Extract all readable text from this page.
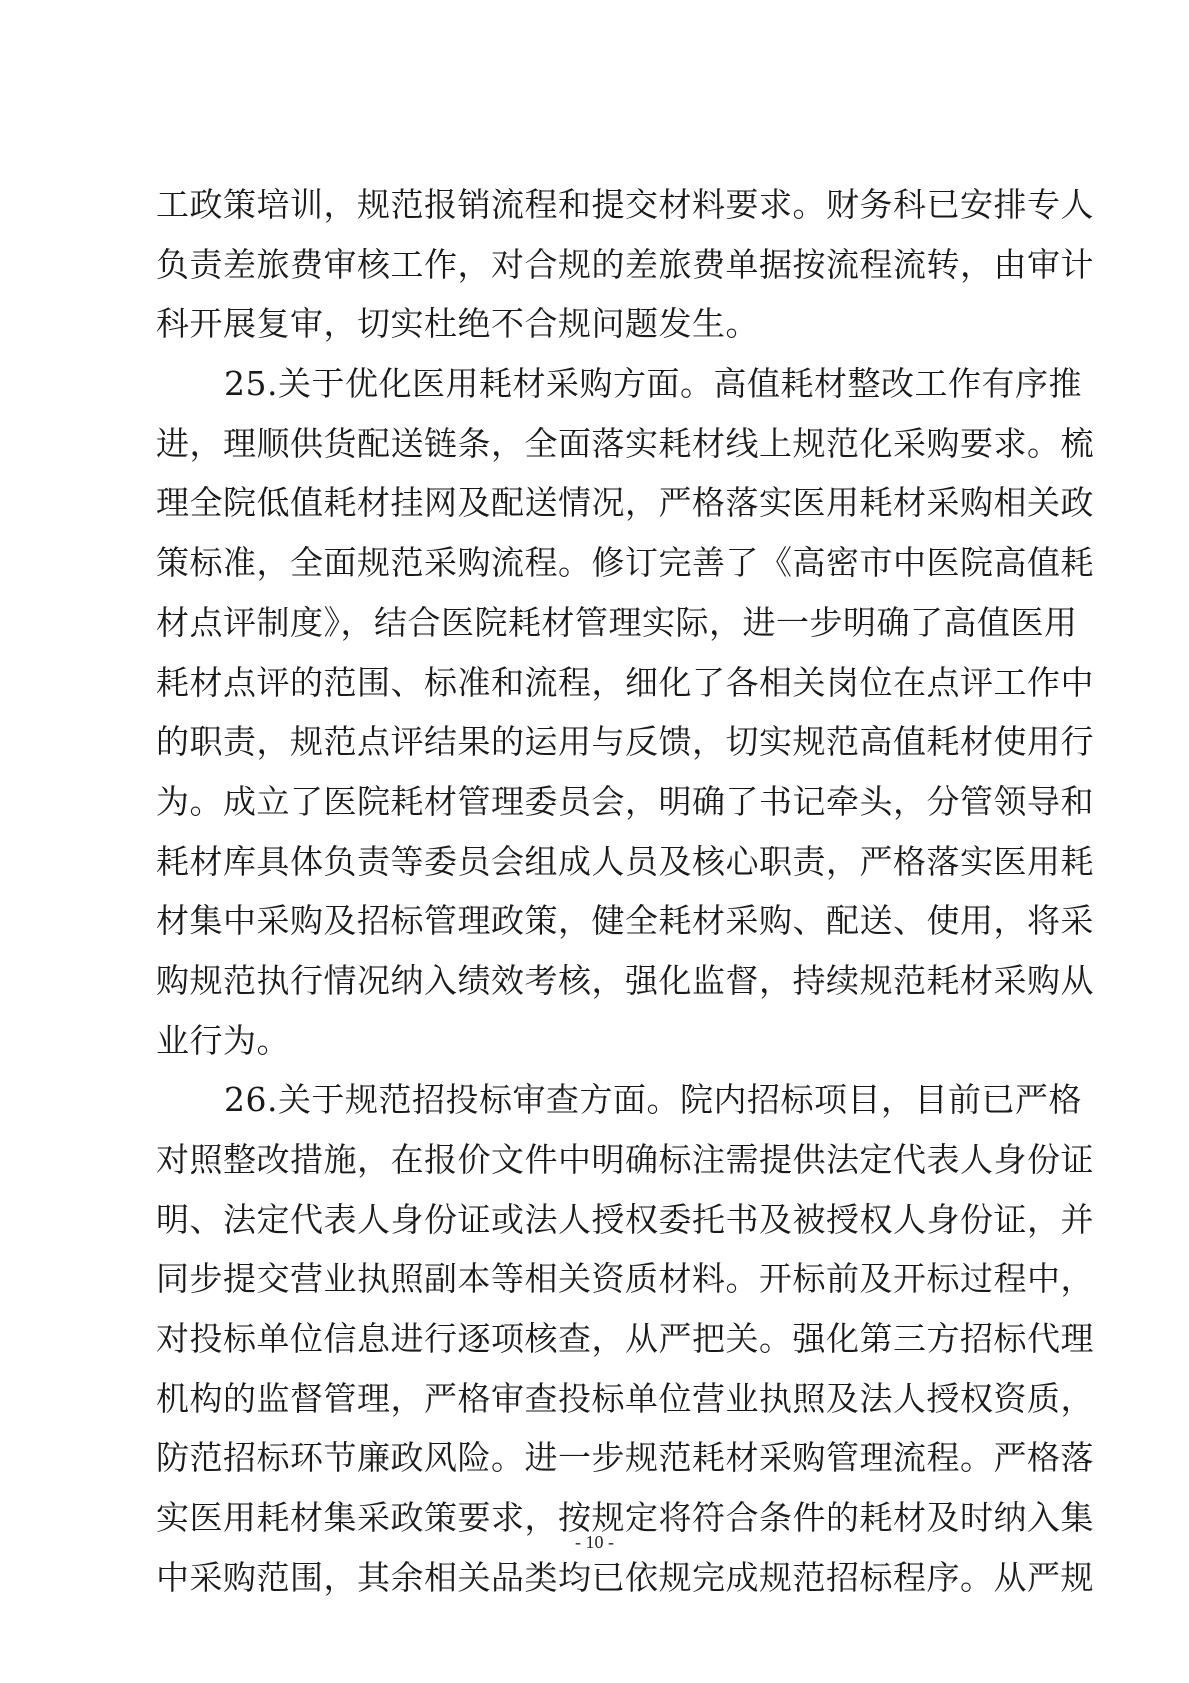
工政策培训，规范报销流程和提交材料要求。财务科已安排专人
负责差旅费审核工作，对合规的差旅费单据按流程流转，由审计
科开展复审，切实杜绝不合规问题发生。
25.关于优化医用耗材采购方面。高值耗材整改工作有序推
进，理顺供货配送链条，全面落实耗材线上规范化采购要求。梳
理全院低值耗材挂网及配送情况，严格落实医用耗材采购相关政
策标准，全面规范采购流程。修订完善了《高密市中医院高值耗
材点评制度》，结合医院耗材管理实际，进一步明确了高值医用
耗材点评的范围、标准和流程，细化了各相关岗位在点评工作中
的职责，规范点评结果的运用与反馈，切实规范高值耗材使用行
为。成立了医院耗材管理委员会，明确了书记牵头，分管领导和
耗材库具体负责等委员会组成人员及核心职责，严格落实医用耗
材集中采购及招标管理政策，健全耗材采购、配送、使用，将采
购规范执行情况纳入绩效考核，强化监督，持续规范耗材采购从
业行为。
26.关于规范招投标审查方面。院内招标项目，目前已严格
对照整改措施，在报价文件中明确标注需提供法定代表人身份证
明、法定代表人身份证或法人授权委托书及被授权人身份证，并
同步提交营业执照副本等相关资质材料。开标前及开标过程中，
对投标单位信息进行逐项核查，从严把关。强化第三方招标代理
机构的监督管理，严格审查投标单位营业执照及法人授权资质，
防范招标环节廉政风险。进一步规范耗材采购管理流程。严格落
实医用耗材集采政策要求，按规定将符合条件的耗材及时纳入集
中采购范围，其余相关品类均已依规完成规范招标程序。从严规
- 10 -
